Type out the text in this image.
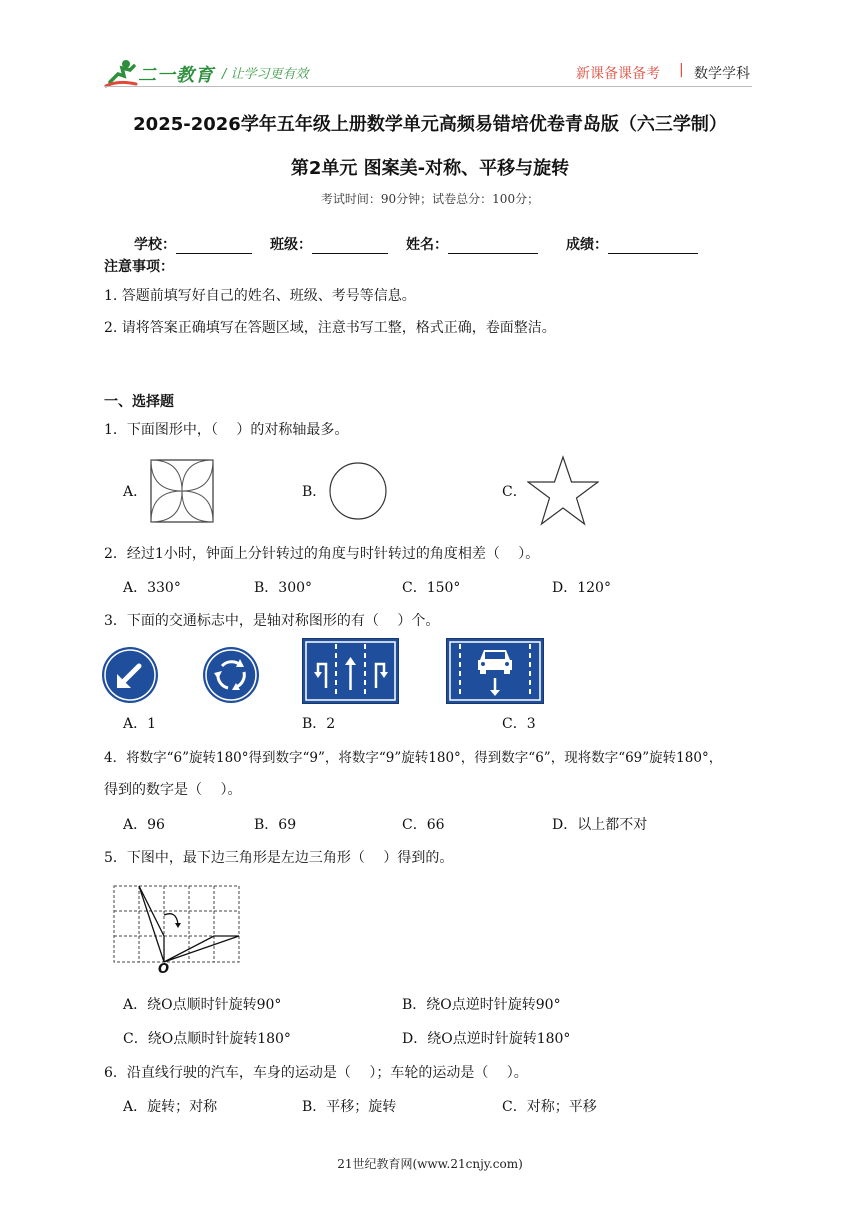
二一教育 / 让学习更有效	新课备课备考 | 数学学科
2025-2026学年五年级上册数学单元高频易错培优卷青岛版（六三学制）
第2单元 图案美-对称、平移与旋转
考试时间：90分钟；试卷总分：100分；
学校：	班级：	姓名：	成绩：
注意事项：
1. 答题前填写好自己的姓名、班级、考号等信息。
2. 请将答案正确填写在答题区域，注意书写工整，格式正确，卷面整洁。
一、选择题
1．下面图形中，（　 ）的对称轴最多。
A．	B．	C．
2．经过1小时，钟面上分针转过的角度与时针转过的角度相差（　 ）。
A．330°	B．300°	C．150°	D．120°
3．下面的交通标志中，是轴对称图形的有（　 ）个。
A．1	B．2	C．3
4．将数字“6”旋转180°得到数字“9”，将数字“9”旋转180°，得到数字“6”，现将数字“69”旋转180°，
得到的数字是（　 ）。
A．96	B．69	C．66	D．以上都不对
5．下图中，最下边三角形是左边三角形（　 ）得到的。
O
A．绕O点顺时针旋转90°	B．绕O点逆时针旋转90°
C．绕O点顺时针旋转180°	D．绕O点逆时针旋转180°
6．沿直线行驶的汽车，车身的运动是（　 ）；车轮的运动是（　 ）。
A．旋转；对称	B．平移；旋转	C．对称；平移
21世纪教育网(www.21cnjy.com)
